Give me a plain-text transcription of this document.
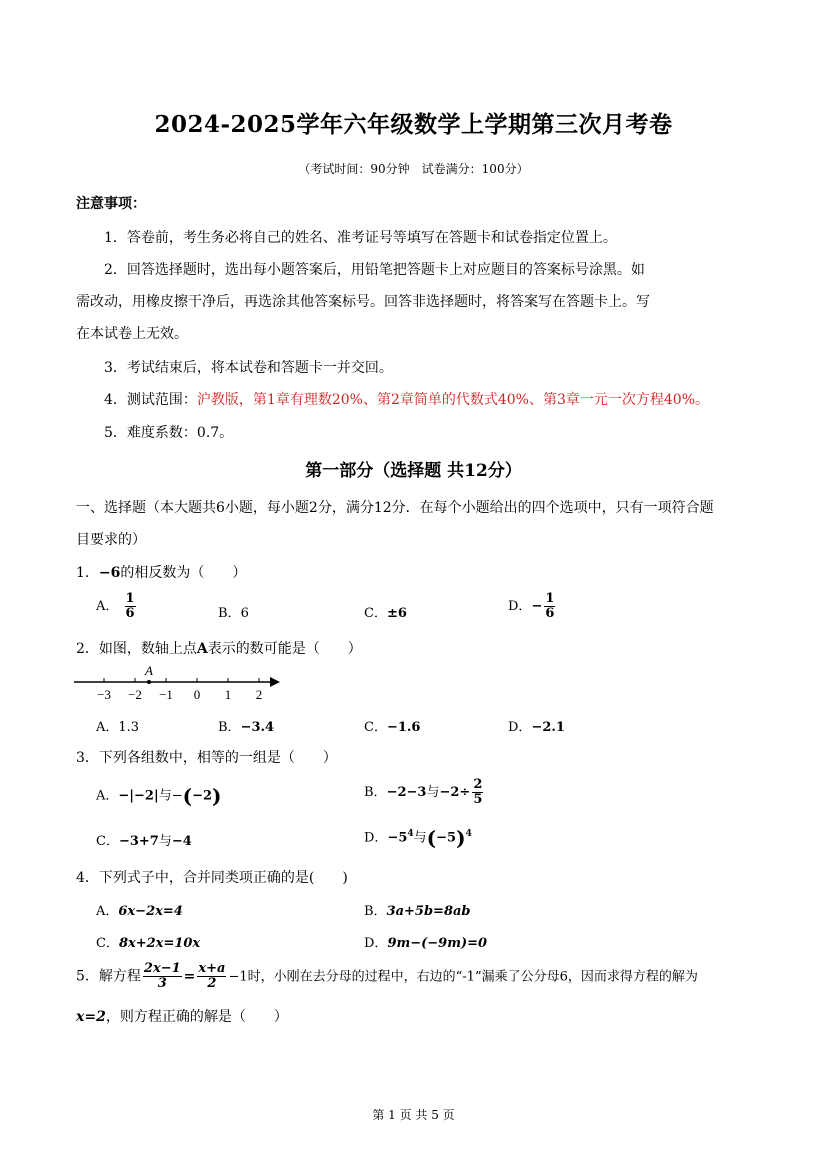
2024-2025学年六年级数学上学期第三次月考卷
（考试时间：90分钟　试卷满分：100分）
注意事项：
1．答卷前，考生务必将自己的姓名、准考证号等填写在答题卡和试卷指定位置上。
2．回答选择题时，选出每小题答案后，用铅笔把答题卡上对应题目的答案标号涂黑。如
需改动，用橡皮擦干净后，再选涂其他答案标号。回答非选择题时，将答案写在答题卡上。写
在本试卷上无效。
3．考试结束后，将本试卷和答题卡一并交回。
4．测试范围：沪教版，第1章有理数20%、第2章简单的代数式40%、第3章一元一次方程40%。
5．难度系数：0.7。
第一部分（选择题 共12分）
一、选择题（本大题共6小题，每小题2分，满分12分．在每个小题给出的四个选项中，只有一项符合题
目要求的）
1．−6的相反数为（　　）
A． $\frac{1}{6}$	B．6	C．±6	D．− $\frac{1}{6}$
2．如图，数轴上点A表示的数可能是（　　）
A
−3 −2 −1 0 1 2
A．1.3	B．−3.4	C．−1.6	D．−2.1
3．下列各组数中，相等的一组是（　　）
A．−|−2|与−(−2)	B．−2−3与$-2\div \frac{2}{5}$
C．−3+7与−4	D．$-5^4$与$(-5)^4$
4．下列式子中，合并同类项正确的是(　　)
A．6x−2x=4	B．3a+5b=8ab
C．8x+2x=10x	D．9m−(−9m)=0
5．解方程 $\frac{2x-1}{3} = \frac{x+a}{2} -1$时，小刚在去分母的过程中，右边的“-1”漏乘了公分母6，因而求得方程的解为
x=2，则方程正确的解是（　　）
第 1 页 共 5 页
